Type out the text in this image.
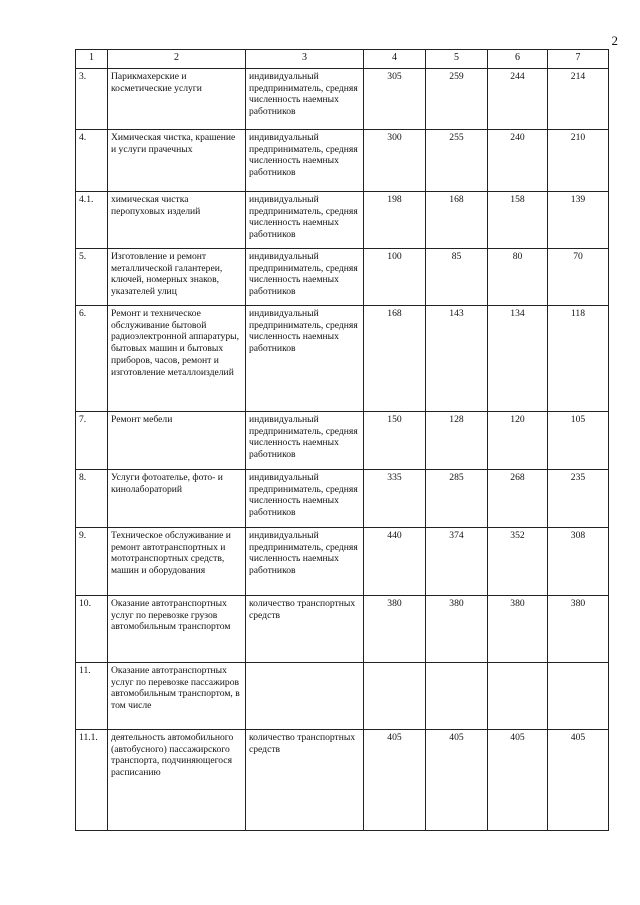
2
1	2	3	4	5	6	7
3.	Парикмахерские и косметические услуги	индивидуальный предприниматель, средняя численность наемных работников	305	259	244	214
4.	Химическая чистка, крашение и услуги прачечных	индивидуальный предприниматель, средняя численность наемных работников	300	255	240	210
4.1.	химическая чистка перопуховых изделий	индивидуальный предприниматель, средняя численность наемных работников	198	168	158	139
5.	Изготовление и ремонт металлической галантереи, ключей, номерных знаков, указателей улиц	индивидуальный предприниматель, средняя численность наемных работников	100	85	80	70
6.	Ремонт и техническое обслуживание бытовой радиоэлектронной аппаратуры, бытовых машин и бытовых приборов, часов, ремонт и изготовление металлоизделий	индивидуальный предприниматель, средняя численность наемных работников	168	143	134	118
7.	Ремонт мебели	индивидуальный предприниматель, средняя численность наемных работников	150	128	120	105
8.	Услуги фотоателье, фото- и кинолабораторий	индивидуальный предприниматель, средняя численность наемных работников	335	285	268	235
9.	Техническое обслуживание и ремонт автотранспортных и мототранспортных средств, машин и оборудования	индивидуальный предприниматель, средняя численность наемных работников	440	374	352	308
10.	Оказание автотранспортных услуг по перевозке грузов автомобильным транспортом	количество транспортных средств	380	380	380	380
11.	Оказание автотранспортных услуг по перевозке пассажиров автомобильным транспортом, в том числе					
11.1.	деятельность автомобильного (автобусного) пассажирского транспорта, подчиняющегося расписанию	количество транспортных средств	405	405	405	405
